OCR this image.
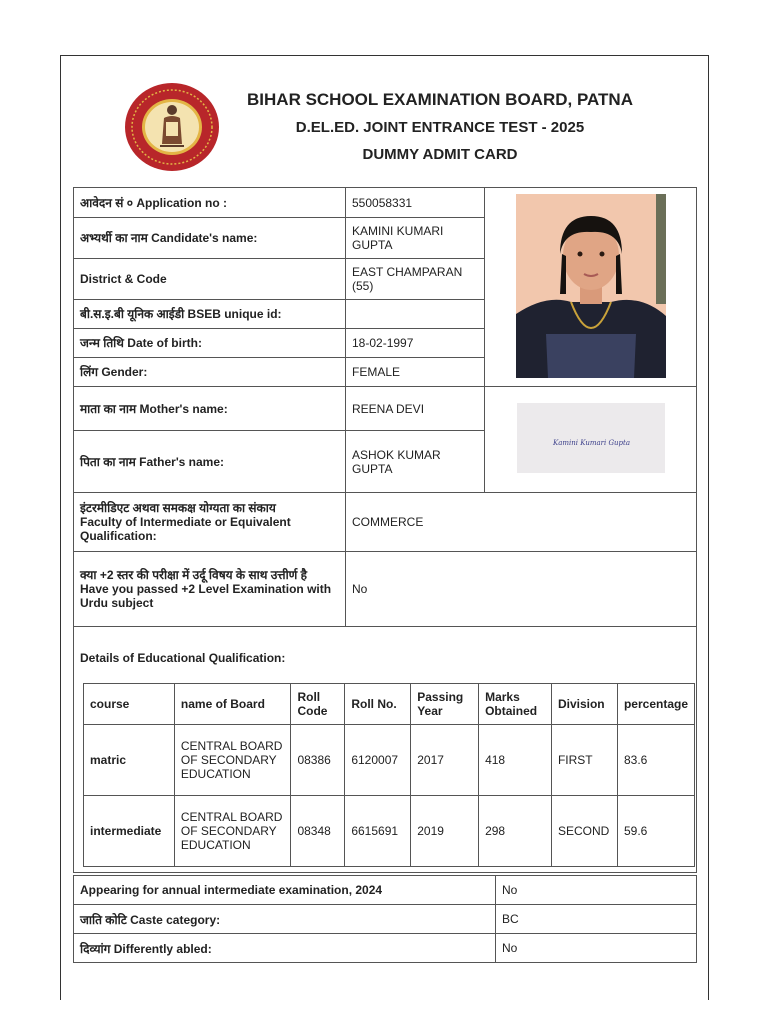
BIHAR SCHOOL EXAMINATION BOARD, PATNA
D.EL.ED. JOINT ENTRANCE TEST - 2025
DUMMY ADMIT CARD
आवेदन सं ० Application no :	550058331	
अभ्यर्थी का नाम Candidate's name:	KAMINI KUMARI GUPTA	
District & Code	EAST CHAMPARAN (55)	
बी.स.इ.बी यूनिक आईडी BSEB unique id:		
जन्म तिथि Date of birth:	18-02-1997	
लिंग Gender:	FEMALE	
माता का नाम Mother's name:	REENA DEVI	Kamini Kumari Gupta

पिता का नाम Father's name:	ASHOK KUMAR GUPTA	

इंटरमीडिएट अथवा समकक्ष योग्यता का संकाय
Faculty of Intermediate or Equivalent Qualification:	COMMERCE	

क्या +2 स्तर की परीक्षा में उर्दू विषय के साथ उत्तीर्ण है
Have you passed +2 Level Examination with Urdu subject	No	
Details of Educational Qualification:
course	name of Board	Roll Code	Roll No.	Passing Year	Marks Obtained	Division	percentage
matric	CENTRAL BOARD OF SECONDARY EDUCATION	08386	6120007	2017	418	FIRST	83.6
intermediate	CENTRAL BOARD OF SECONDARY EDUCATION	08348	6615691	2019	298	SECOND	59.6
Appearing for annual intermediate examination, 2024	No
जाति कोटि Caste category:	BC
दिव्यांग Differently abled:	No
